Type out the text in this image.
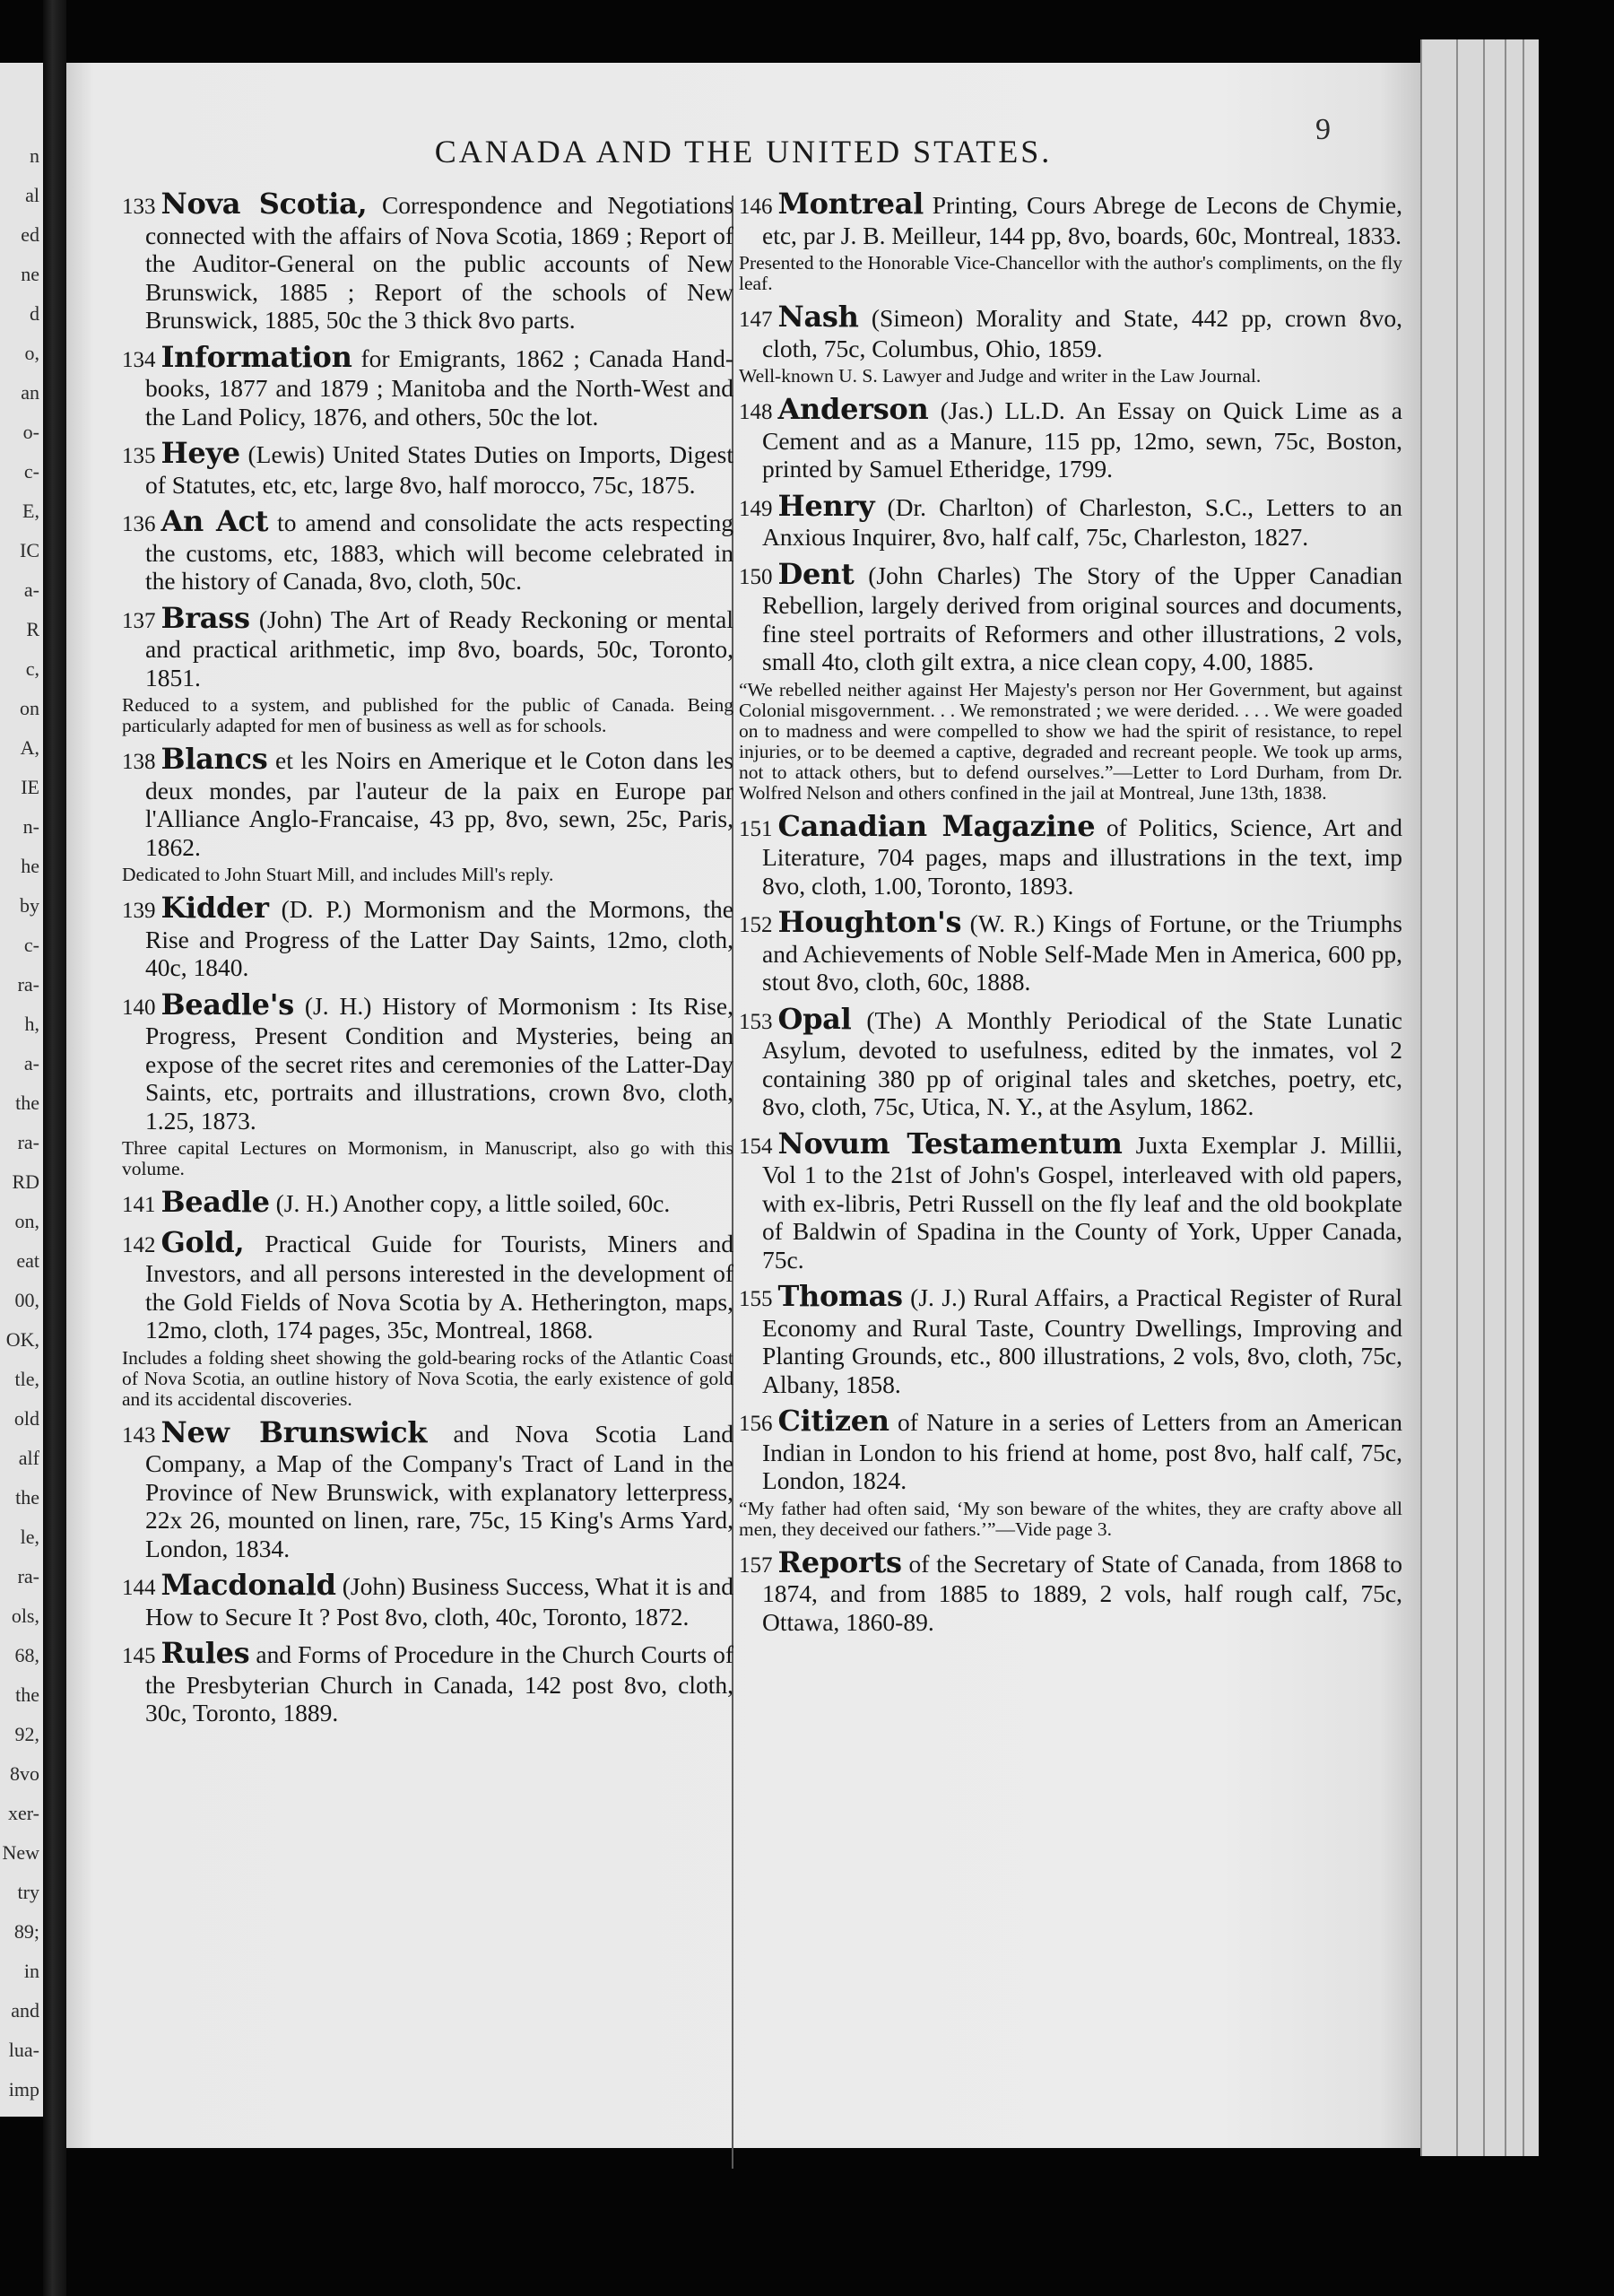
n
al
ed
ne
d
o,
an
o-
c-
E,
IC
a-
R
c,
on
A,
IE
n-
he
by
c-
ra-
h,
a-
the
ra-
RD
on,
eat
00,
OK,
tle,
old
alf
the
le,
ra-
ols,
68,
the
92,
8vo
xer-
New
try
89;
in
and
lua-
imp
CANADA AND THE UNITED STATES.
9
133 Nova Scotia, Correspondence and Negotiations connected with the affairs of Nova Scotia, 1869 ; Report of the Auditor-General on the public accounts of New Brunswick, 1885 ; Report of the schools of New Brunswick, 1885, 50c the 3 thick 8vo parts.
134 Information for Emigrants, 1862 ; Canada Hand-books, 1877 and 1879 ; Manitoba and the North-West and the Land Policy, 1876, and others, 50c the lot.
135 Heye (Lewis) United States Duties on Imports, Digest of Statutes, etc, etc, large 8vo, half morocco, 75c, 1875.
136 An Act to amend and consolidate the acts respecting the customs, etc, 1883, which will become celebrated in the history of Canada, 8vo, cloth, 50c.
137 Brass (John) The Art of Ready Reckoning or mental and practical arithmetic, imp 8vo, boards, 50c, Toronto, 1851.
Reduced to a system, and published for the public of Canada. Being particularly adapted for men of business as well as for schools.
138 Blancs et les Noirs en Amerique et le Coton dans les deux mondes, par l'auteur de la paix en Europe par l'Alliance Anglo-Francaise, 43 pp, 8vo, sewn, 25c, Paris, 1862.
Dedicated to John Stuart Mill, and includes Mill's reply.
139 Kidder (D. P.) Mormonism and the Mormons, the Rise and Progress of the Latter Day Saints, 12mo, cloth, 40c, 1840.
140 Beadle's (J. H.) History of Mormonism : Its Rise, Progress, Present Condition and Mysteries, being an expose of the secret rites and ceremonies of the Latter-Day Saints, etc, portraits and illustrations, crown 8vo, cloth, 1.25, 1873.
Three capital Lectures on Mormonism, in Manuscript, also go with this volume.
141 Beadle (J. H.) Another copy, a little soiled, 60c.
142 Gold, Practical Guide for Tourists, Miners and Investors, and all persons interested in the development of the Gold Fields of Nova Scotia by A. Hetherington, maps, 12mo, cloth, 174 pages, 35c, Montreal, 1868.
Includes a folding sheet showing the gold-bearing rocks of the Atlantic Coast of Nova Scotia, an outline history of Nova Scotia, the early existence of gold and its accidental discoveries.
143 New Brunswick and Nova Scotia Land Company, a Map of the Company's Tract of Land in the Province of New Brunswick, with explanatory letterpress, 22x 26, mounted on linen, rare, 75c, 15 King's Arms Yard, London, 1834.
144 Macdonald (John) Business Success, What it is and How to Secure It ? Post 8vo, cloth, 40c, Toronto, 1872.
145 Rules and Forms of Procedure in the Church Courts of the Presbyterian Church in Canada, 142 post 8vo, cloth, 30c, Toronto, 1889.
146 Montreal Printing, Cours Abrege de Lecons de Chymie, etc, par J. B. Meilleur, 144 pp, 8vo, boards, 60c, Montreal, 1833.
Presented to the Honorable Vice-Chancellor with the author's compliments, on the fly leaf.
147 Nash (Simeon) Morality and State, 442 pp, crown 8vo, cloth, 75c, Columbus, Ohio, 1859.
Well-known U. S. Lawyer and Judge and writer in the Law Journal.
148 Anderson (Jas.) LL.D. An Essay on Quick Lime as a Cement and as a Manure, 115 pp, 12mo, sewn, 75c, Boston, printed by Samuel Etheridge, 1799.
149 Henry (Dr. Charlton) of Charleston, S.C., Letters to an Anxious Inquirer, 8vo, half calf, 75c, Charleston, 1827.
150 Dent (John Charles) The Story of the Upper Canadian Rebellion, largely derived from original sources and documents, fine steel portraits of Reformers and other illustrations, 2 vols, small 4to, cloth gilt extra, a nice clean copy, 4.00, 1885.
“We rebelled neither against Her Majesty's person nor Her Government, but against Colonial misgovernment. . . We remonstrated ; we were derided. . . . We were goaded on to madness and were compelled to show we had the spirit of resistance, to repel injuries, or to be deemed a captive, degraded and recreant people. We took up arms, not to attack others, but to defend ourselves.”—Letter to Lord Durham, from Dr. Wolfred Nelson and others confined in the jail at Montreal, June 13th, 1838.
151 Canadian Magazine of Politics, Science, Art and Literature, 704 pages, maps and illustrations in the text, imp 8vo, cloth, 1.00, Toronto, 1893.
152 Houghton's (W. R.) Kings of Fortune, or the Triumphs and Achievements of Noble Self-Made Men in America, 600 pp, stout 8vo, cloth, 60c, 1888.
153 Opal (The) A Monthly Periodical of the State Lunatic Asylum, devoted to usefulness, edited by the inmates, vol 2 containing 380 pp of original tales and sketches, poetry, etc, 8vo, cloth, 75c, Utica, N. Y., at the Asylum, 1862.
154 Novum Testamentum Juxta Exemplar J. Millii, Vol 1 to the 21st of John's Gospel, interleaved with old papers, with ex-libris, Petri Russell on the fly leaf and the old bookplate of Baldwin of Spadina in the County of York, Upper Canada, 75c.
155 Thomas (J. J.) Rural Affairs, a Practical Register of Rural Economy and Rural Taste, Country Dwellings, Improving and Planting Grounds, etc., 800 illustrations, 2 vols, 8vo, cloth, 75c, Albany, 1858.
156 Citizen of Nature in a series of Letters from an American Indian in London to his friend at home, post 8vo, half calf, 75c, London, 1824.
“My father had often said, ‘My son beware of the whites, they are crafty above all men, they deceived our fathers.’”—Vide page 3.
157 Reports of the Secretary of State of Canada, from 1868 to 1874, and from 1885 to 1889, 2 vols, half rough calf, 75c, Ottawa, 1860-89.
